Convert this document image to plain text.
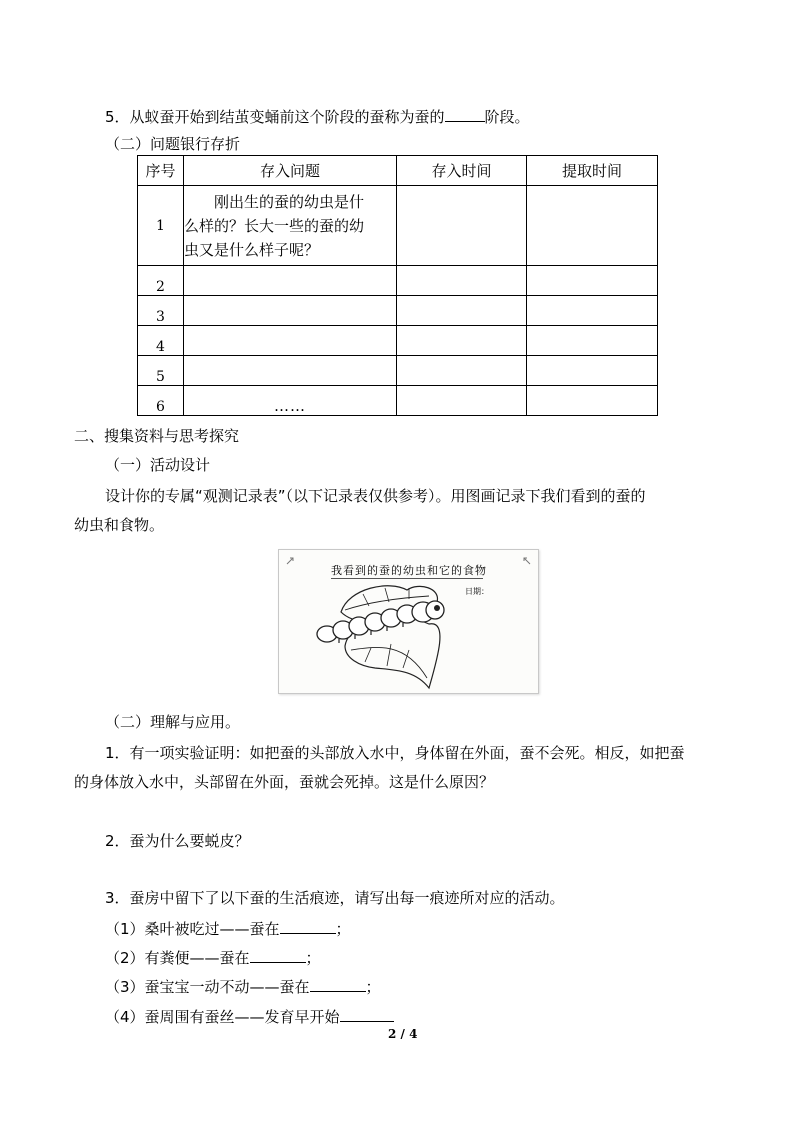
5．从蚁蚕开始到结茧变蛹前这个阶段的蚕称为蚕的	阶段。
（二）问题银行存折
序号	存入问题	存入时间	提取时间
1	刚出生的蚕的幼虫是什
么样的？长大一些的蚕的幼
虫又是什么样子呢？		

2			
3			
4			
5			
6	……		
二、搜集资料与思考探究
（一）活动设计
设计你的专属“观测记录表”（以下记录表仅供参考）。用图画记录下我们看到的蚕的
幼虫和食物。
我看到的蚕的幼虫和它的食物
日期：
（二）理解与应用。
1．有一项实验证明：如把蚕的头部放入水中，身体留在外面，蚕不会死。相反，如把蚕
的身体放入水中，头部留在外面，蚕就会死掉。这是什么原因？
2．蚕为什么要蜕皮？
3．蚕房中留下了以下蚕的生活痕迹，请写出每一痕迹所对应的活动。
（1）桑叶被吃过——蚕在	；
（2）有粪便——蚕在	；
（3）蚕宝宝一动不动——蚕在	；
（4）蚕周围有蚕丝——发育早开始
2 / 4
